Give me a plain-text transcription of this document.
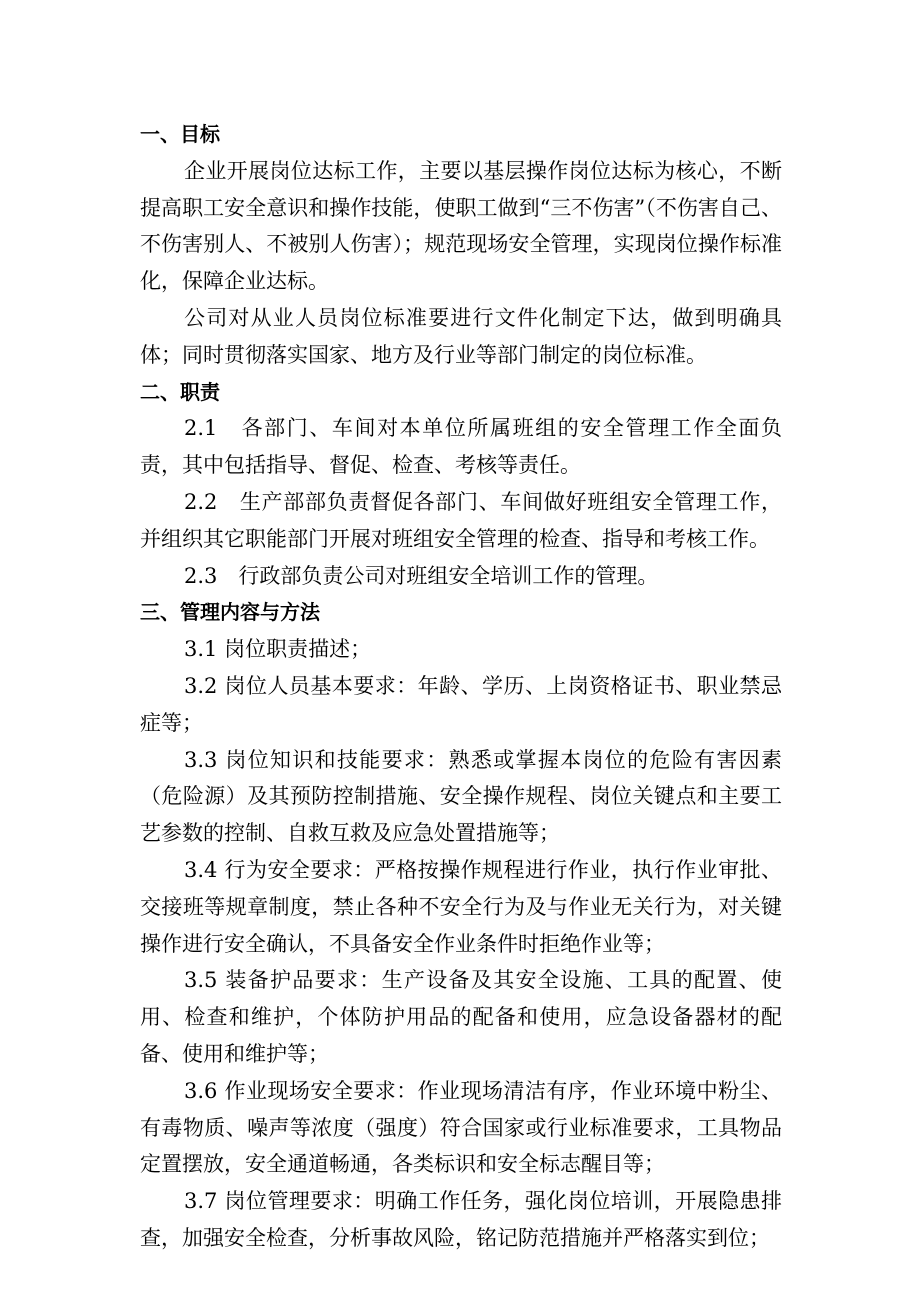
一、目标

企业开展岗位达标工作，主要以基层操作岗位达标为核心，不断提高职工安全意识和操作技能，使职工做到“三不伤害”（不伤害自己、不伤害别人、不被别人伤害）；规范现场安全管理，实现岗位操作标准化，保障企业达标。

公司对从业人员岗位标准要进行文件化制定下达，做到明确具体；同时贯彻落实国家、地方及行业等部门制定的岗位标准。

二、职责

2.1　各部门、车间对本单位所属班组的安全管理工作全面负责，其中包括指导、督促、检查、考核等责任。

2.2　生产部部负责督促各部门、车间做好班组安全管理工作，并组织其它职能部门开展对班组安全管理的检查、指导和考核工作。

2.3　行政部负责公司对班组安全培训工作的管理。

三、管理内容与方法

3.1 岗位职责描述；

3.2 岗位人员基本要求：年龄、学历、上岗资格证书、职业禁忌症等；

3.3 岗位知识和技能要求：熟悉或掌握本岗位的危险有害因素（危险源）及其预防控制措施、安全操作规程、岗位关键点和主要工艺参数的控制、自救互救及应急处置措施等；

3.4 行为安全要求：严格按操作规程进行作业，执行作业审批、交接班等规章制度，禁止各种不安全行为及与作业无关行为，对关键操作进行安全确认，不具备安全作业条件时拒绝作业等；

3.5 装备护品要求：生产设备及其安全设施、工具的配置、使用、检查和维护，个体防护用品的配备和使用，应急设备器材的配备、使用和维护等；

3.6 作业现场安全要求：作业现场清洁有序，作业环境中粉尘、有毒物质、噪声等浓度（强度）符合国家或行业标准要求，工具物品定置摆放，安全通道畅通，各类标识和安全标志醒目等；

3.7 岗位管理要求：明确工作任务，强化岗位培训，开展隐患排查，加强安全检查，分析事故风险，铭记防范措施并严格落实到位；
